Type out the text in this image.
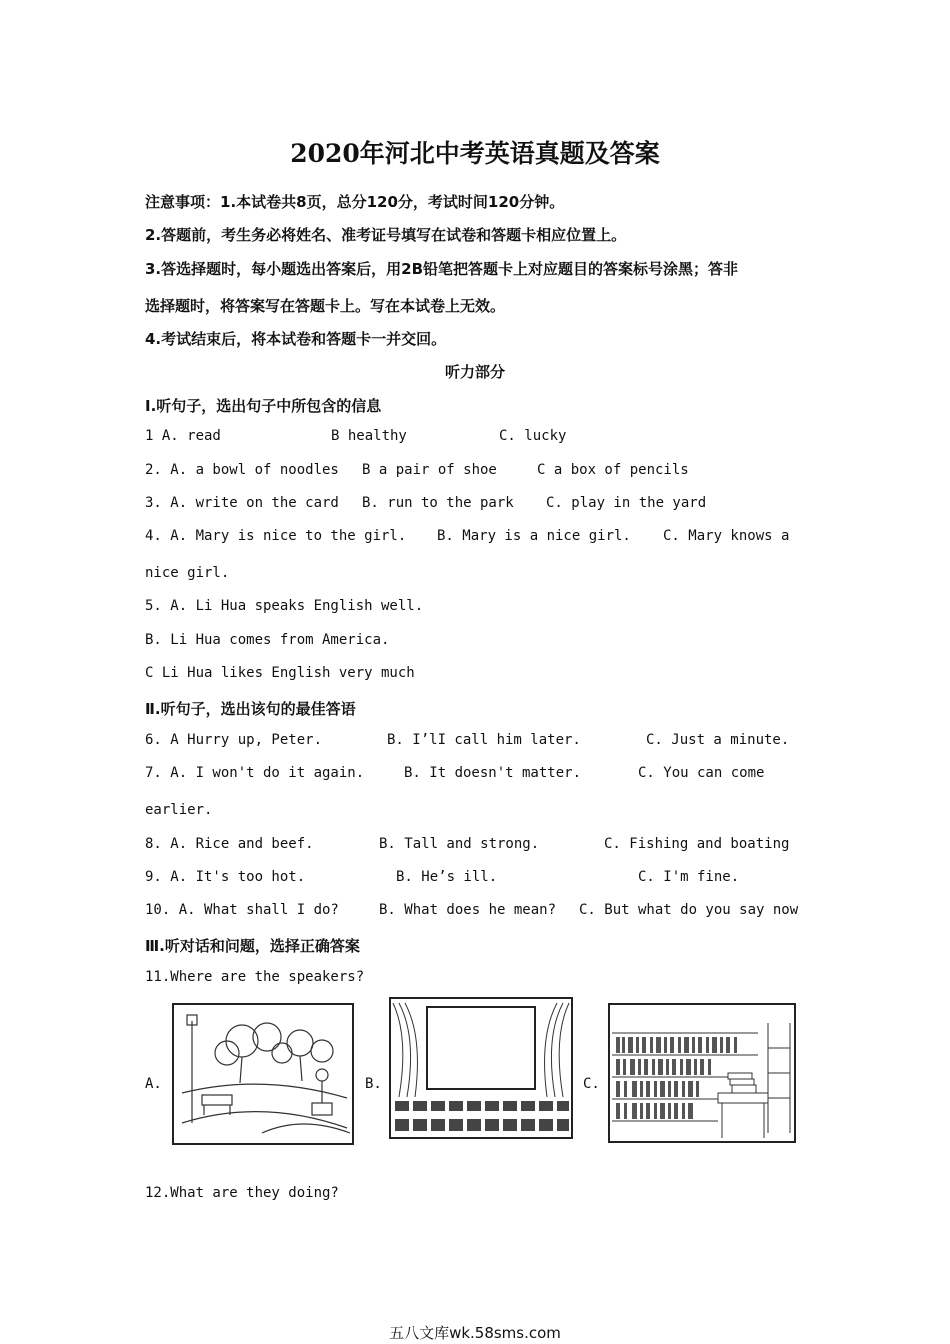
2020年河北中考英语真题及答案
注意事项：1.本试卷共8页，总分120分，考试时间120分钟。
2.答题前，考生务必将姓名、准考证号填写在试卷和答题卡相应位置上。
3.答选择题时，每小题选出答案后，用2B铅笔把答题卡上对应题目的答案标号涂黑；答非
选择题时，将答案写在答题卡上。写在本试卷上无效。
4.考试结束后，将本试卷和答题卡一并交回。
听力部分
Ⅰ.听句子，选出句子中所包含的信息
1 A. read	B healthy	C. lucky
2. A. a bowl of noodles B a pair of shoe	C a box of pencils
3. A. write on the card B. run to the park C. play in the yard
4. A. Mary is nice to the girl. B. Mary is a nice girl. C. Mary knows a
nice girl.
5. A. Li Hua speaks English well.
B. Li Hua comes from America.
C Li Hua likes English very much
Ⅱ.听句子，选出该句的最佳答语
6. A Hurry up, Peter.	B. I’lI call him later.	C. Just a minute.
7. A. I won't do it again.	B. It doesn't matter.	C. You can come
earlier.
8. A. Rice and beef.	B. Tall and strong.	C. Fishing and boating
9. A. It's too hot.	B. He’s ill.	C. I'm fine.
10. A. What shall I do?	B. What does he mean? C. But what do you say now
Ⅲ.听对话和问题，选择正确答案
11.Where are the speakers?
A.	B.	C.
12.What are they doing?
五八文库wk.58sms.com
